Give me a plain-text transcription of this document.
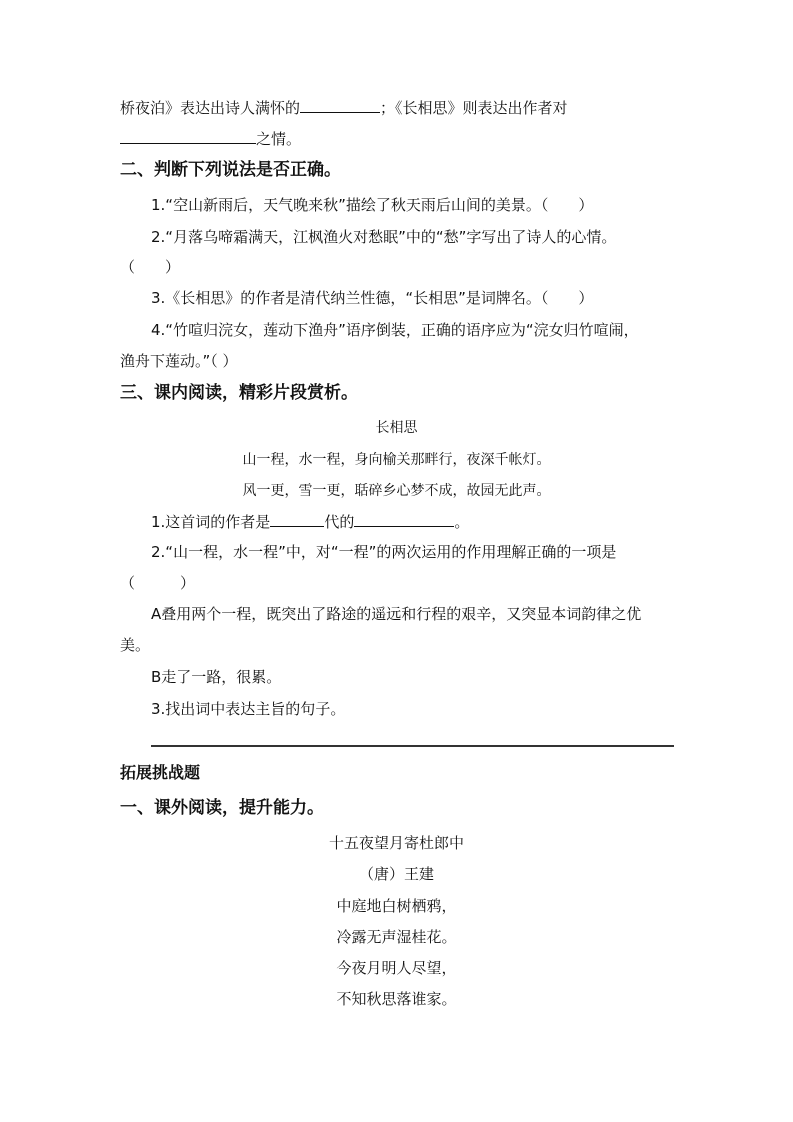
桥夜泊》表达出诗人满怀的	；《长相思》则表达出作者对
之情。
二、判断下列说法是否正确。
1.“空山新雨后，天气晚来秋”描绘了秋天雨后山间的美景。（　　）
2.“月落乌啼霜满天，江枫渔火对愁眠”中的“愁”字写出了诗人的心情。
（　　）
3.《长相思》的作者是清代纳兰性德，“长相思”是词牌名。（　　）
4.“竹喧归浣女，莲动下渔舟”语序倒装，正确的语序应为“浣女归竹喧闹，
渔舟下莲动。”（ ）
三、课内阅读，精彩片段赏析。
长相思
山一程，水一程，身向榆关那畔行，夜深千帐灯。
风一更，雪一更，聒碎乡心梦不成，故园无此声。
1.这首词的作者是	代的	。
2.“山一程，水一程”中，对“一程”的两次运用的作用理解正确的一项是
（　　　）
A叠用两个一程，既突出了路途的遥远和行程的艰辛，又突显本词韵律之优
美。
B走了一路，很累。
3.找出词中表达主旨的句子。
拓展挑战题
一、课外阅读，提升能力。
十五夜望月寄杜郎中
（唐）王建
中庭地白树栖鸦，
冷露无声湿桂花。
今夜月明人尽望，
不知秋思落谁家。
